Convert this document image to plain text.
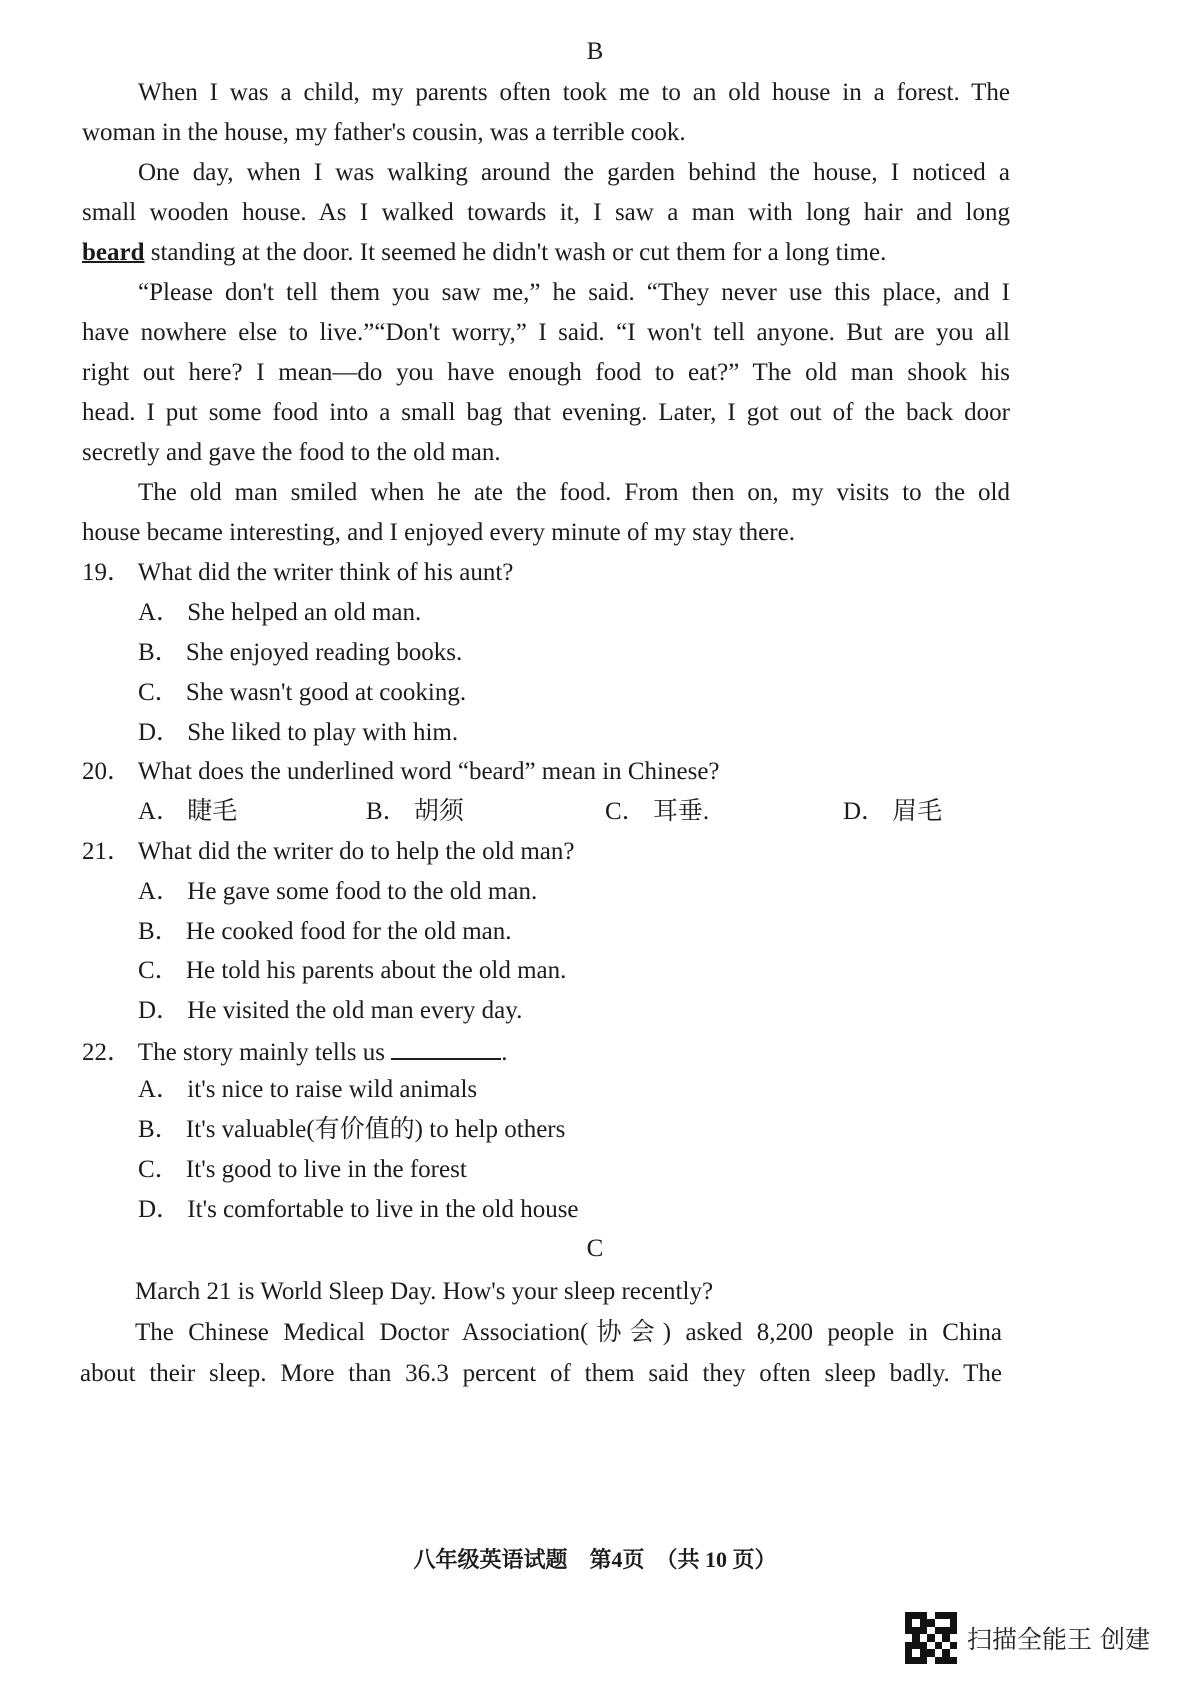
B
When I was a child, my parents often took me to an old house in a forest. The
woman in the house, my father's cousin, was a terrible cook.
One day, when I was walking around the garden behind the house, I noticed a
small wooden house. As I walked towards it, I saw a man with long hair and long
beard standing at the door. It seemed he didn't wash or cut them for a long time.
“Please don't tell them you saw me,” he said. “They never use this place, and I
have nowhere else to live.”“Don't worry,” I said. “I won't tell anyone. But are you all
right out here? I mean—do you have enough food to eat?” The old man shook his
head. I put some food into a small bag that evening. Later, I got out of the back door
secretly and gave the food to the old man.
The old man smiled when he ate the food. From then on, my visits to the old
house became interesting, and I enjoyed every minute of my stay there.
19． What did the writer think of his aunt?
A． She helped an old man.
B． She enjoyed reading books.
C． She wasn't good at cooking.
D． She liked to play with him.
20． What does the underlined word “beard” mean in Chinese?
A． 睫毛	B． 胡须	C． 耳垂.	D． 眉毛
21． What did the writer do to help the old man?
A． He gave some food to the old man.
B． He cooked food for the old man.
C． He told his parents about the old man.
D． He visited the old man every day.
22． The story mainly tells us	.
A． it's nice to raise wild animals
B． It's valuable(有价值的) to help others
C． It's good to live in the forest
D． It's comfortable to live in the old house
C
March 21 is World Sleep Day. How's your sleep recently?
The Chinese Medical Doctor Association(协会) asked 8,200 people in China
about their sleep. More than 36.3 percent of them said they often sleep badly. The
八年级英语试题　第4页　（共 10 页）
扫描全能王 创建
